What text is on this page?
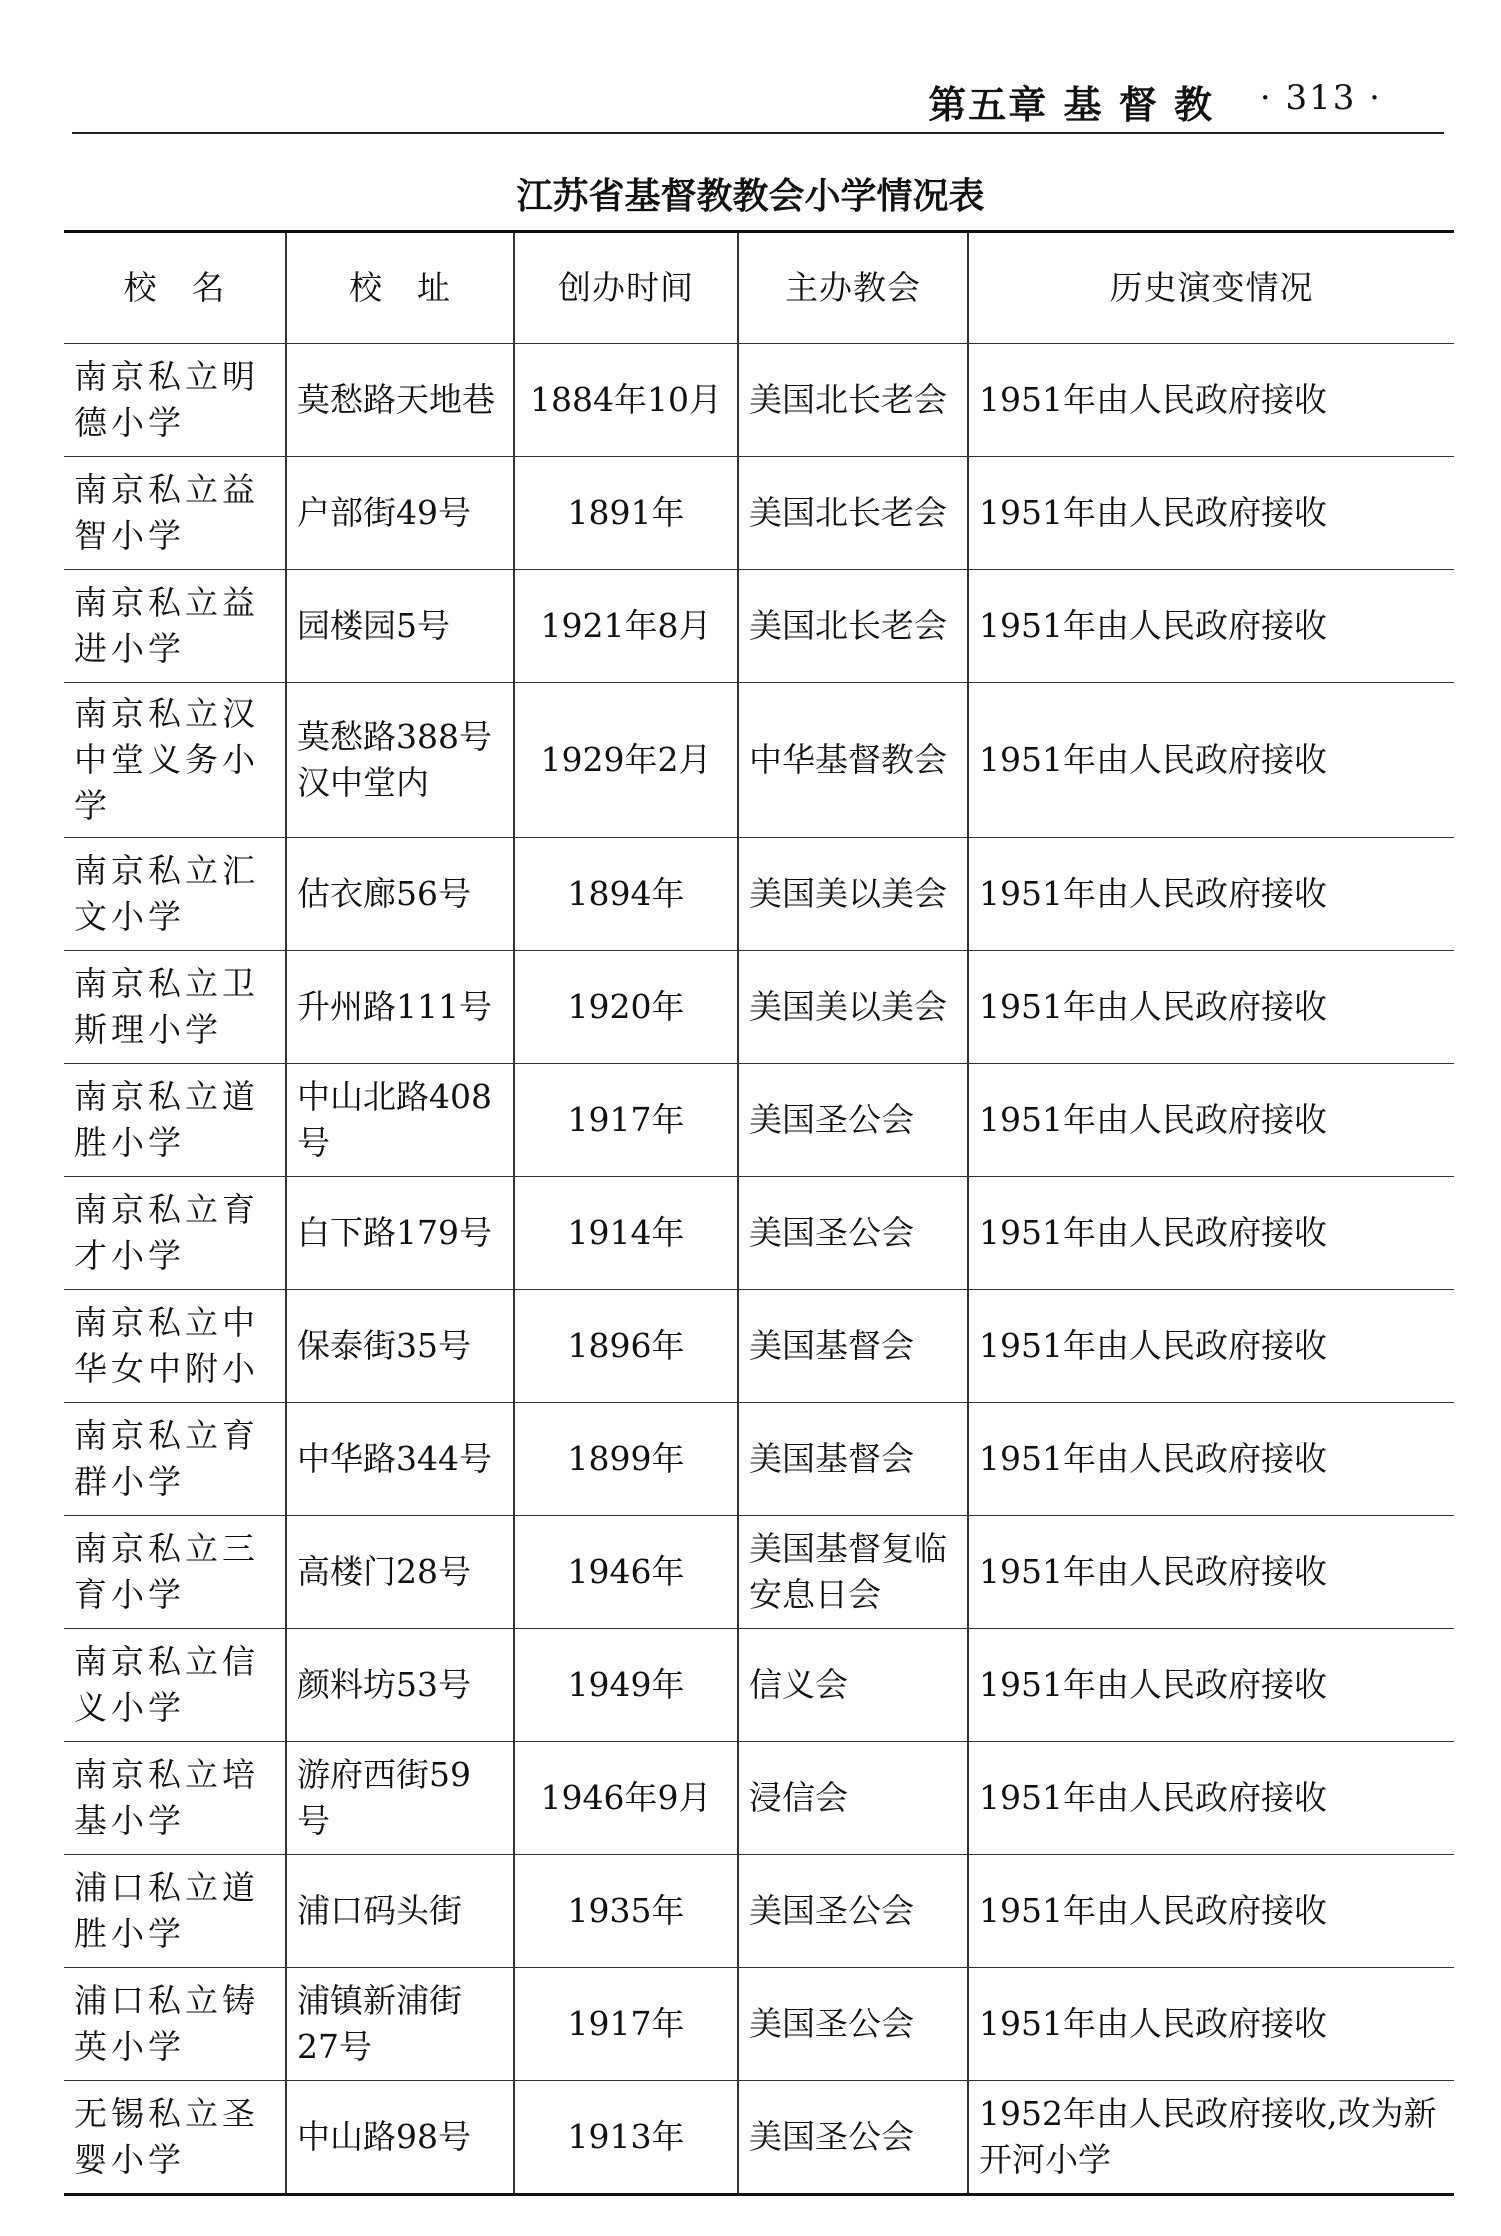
第五章 基 督 教 · 313 ·
江苏省基督教教会小学情况表
校　名	校　址	创办时间	主办教会	历史演变情况
南京私立明德小学	莫愁路天地巷	1884年10月	美国北长老会	1951年由人民政府接收
南京私立益智小学	户部街49号	1891年	美国北长老会	1951年由人民政府接收
南京私立益进小学	园楼园5号	1921年8月	美国北长老会	1951年由人民政府接收
南京私立汉中堂义务小学	莫愁路388号汉中堂内	1929年2月	中华基督教会	1951年由人民政府接收
南京私立汇文小学	估衣廊56号	1894年	美国美以美会	1951年由人民政府接收
南京私立卫斯理小学	升州路111号	1920年	美国美以美会	1951年由人民政府接收
南京私立道胜小学	中山北路408号	1917年	美国圣公会	1951年由人民政府接收
南京私立育才小学	白下路179号	1914年	美国圣公会	1951年由人民政府接收
南京私立中华女中附小	保泰街35号	1896年	美国基督会	1951年由人民政府接收
南京私立育群小学	中华路344号	1899年	美国基督会	1951年由人民政府接收
南京私立三育小学	高楼门28号	1946年	美国基督复临安息日会	1951年由人民政府接收
南京私立信义小学	颜料坊53号	1949年	信义会	1951年由人民政府接收
南京私立培基小学	游府西街59号	1946年9月	浸信会	1951年由人民政府接收
浦口私立道胜小学	浦口码头街	1935年	美国圣公会	1951年由人民政府接收
浦口私立铸英小学	浦镇新浦街27号	1917年	美国圣公会	1951年由人民政府接收
无锡私立圣婴小学	中山路98号	1913年	美国圣公会	1952年由人民政府接收,改为新开河小学
